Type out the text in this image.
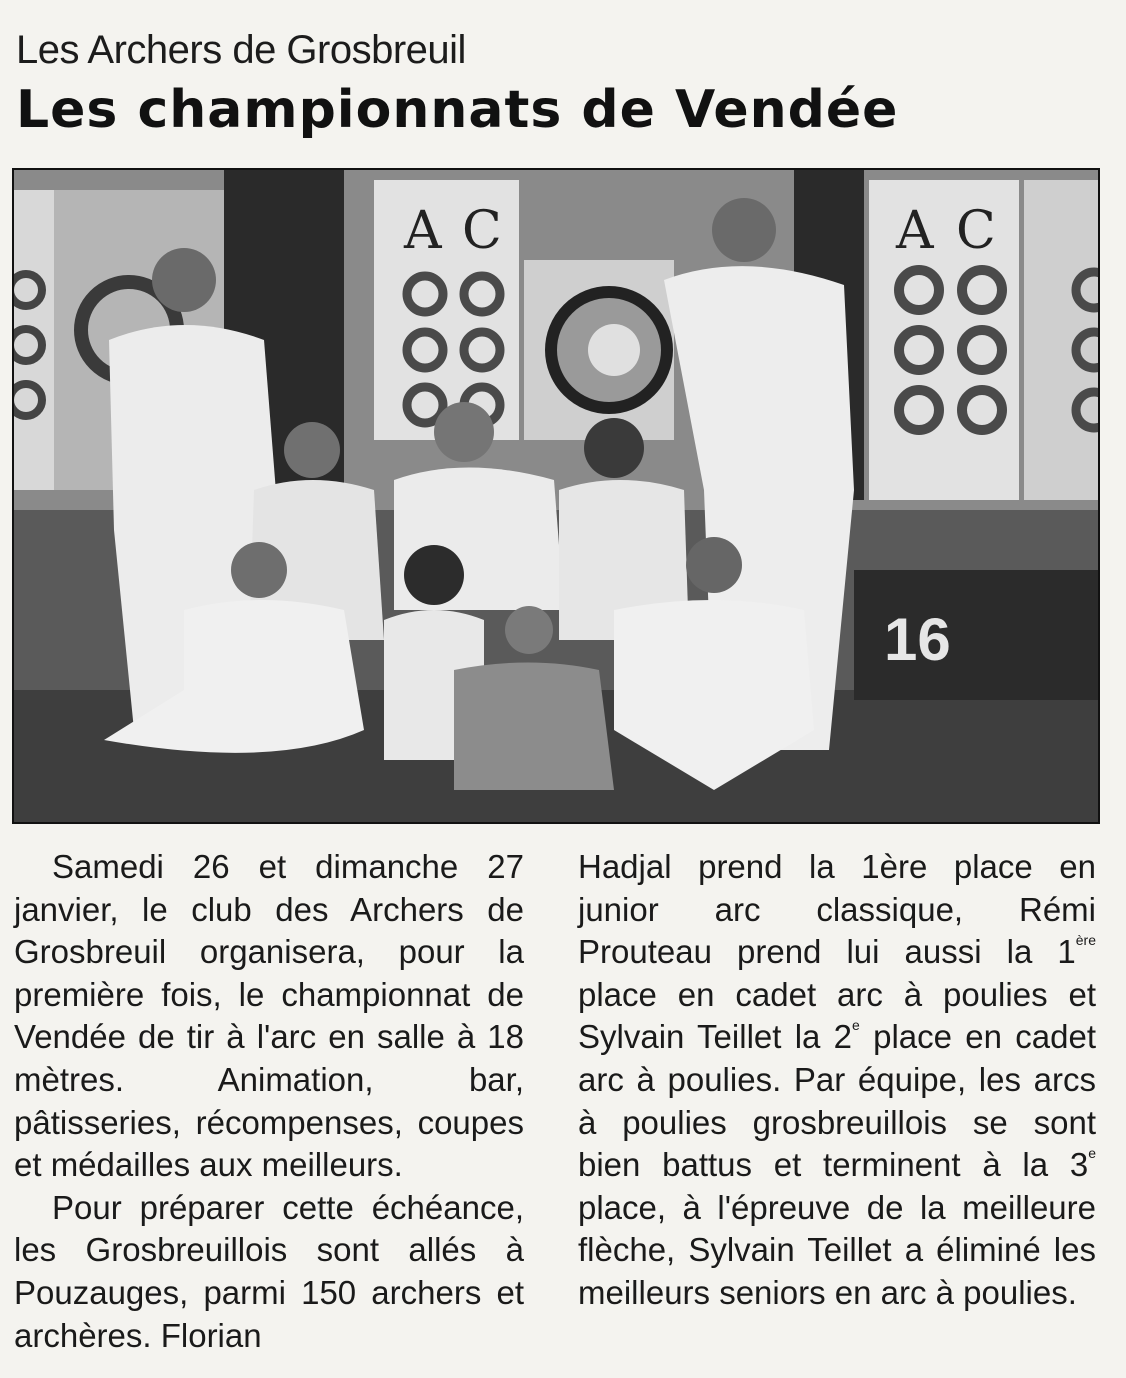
Les Archers de Grosbreuil
Les championnats de Vendée
A C	A C
16

Samedi 26 et dimanche 27 janvier, le club des Archers de Grosbreuil organisera, pour la première fois, le championnat de Vendée de tir à l'arc en salle à 18 mètres. Animation, bar, pâtisseries, récompenses, coupes et médailles aux meilleurs.

Pour préparer cette échéance, les Grosbreuillois sont allés à Pouzauges, parmi 150 archers et archères. Florian

Hadjal prend la 1ère place en junior arc classique, Rémi Prouteau prend lui aussi la 1ère place en cadet arc à poulies et Sylvain Teillet la 2e place en cadet arc à poulies. Par équipe, les arcs à poulies grosbreuillois se sont bien battus et terminent à la 3e place, à l'épreuve de la meilleure flèche, Sylvain Teillet a éliminé les meilleurs seniors en arc à poulies.
